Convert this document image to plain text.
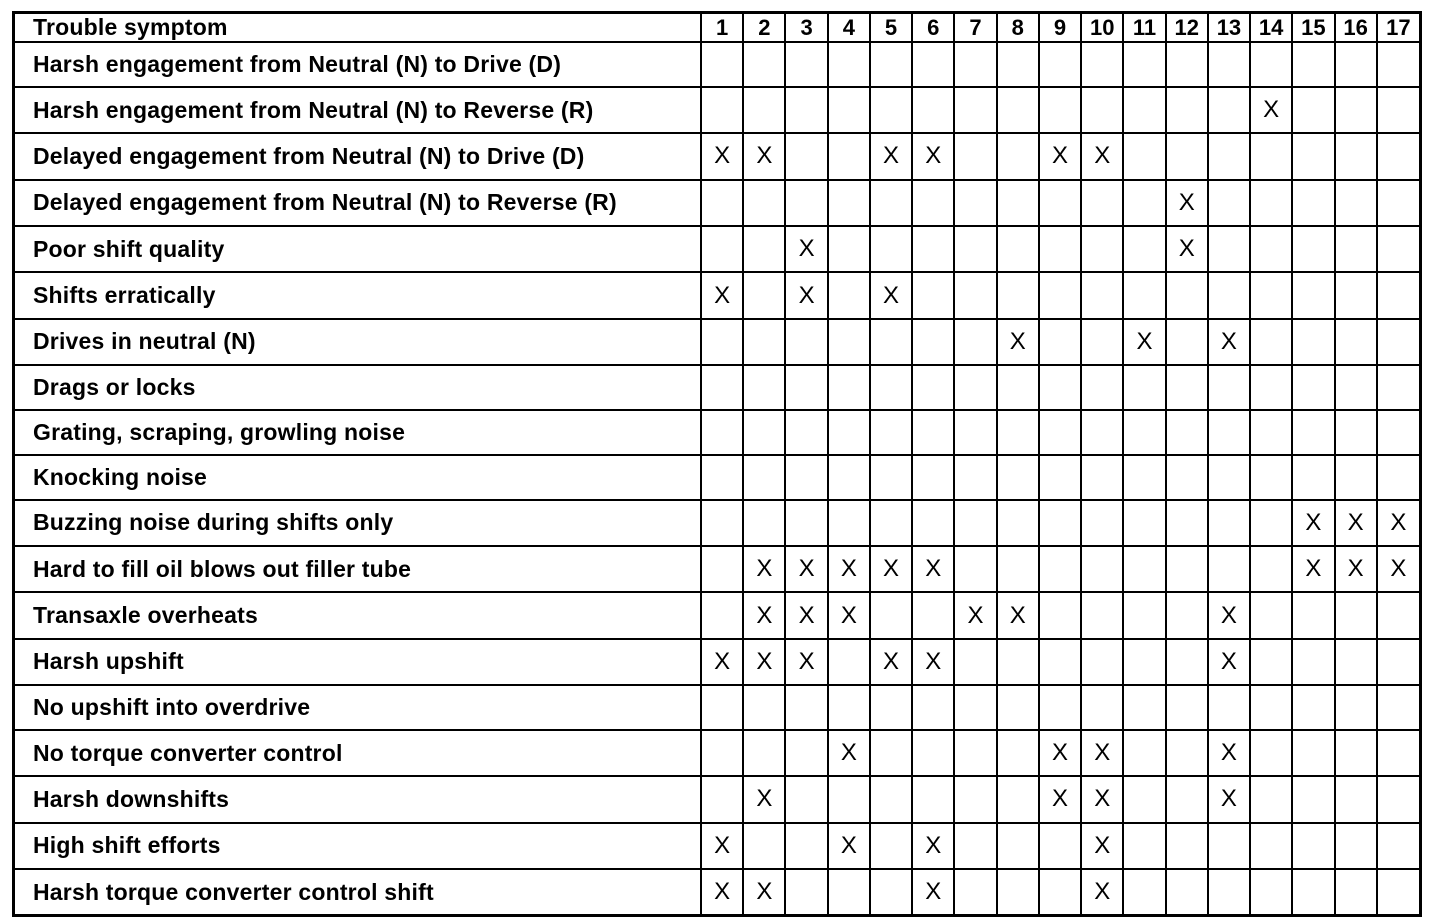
Trouble symptom	1	2	3	4	5	6	7	8	9	10	11	12	13	14	15	16	17
Harsh engagement from Neutral (N) to Drive (D)																	
Harsh engagement from Neutral (N) to Reverse (R)														X			
Delayed engagement from Neutral (N) to Drive (D)	X	X			X	X			X	X							
Delayed engagement from Neutral (N) to Reverse (R)												X					
Poor shift quality			X									X					
Shifts erratically	X		X		X												
Drives in neutral (N)								X			X		X				
Drags or locks																	
Grating, scraping, growling noise																	
Knocking noise																	
Buzzing noise during shifts only															X	X	X
Hard to fill oil blows out filler tube		X	X	X	X	X									X	X	X
Transaxle overheats		X	X	X			X	X					X				
Harsh upshift	X	X	X		X	X							X				
No upshift into overdrive																	
No torque converter control				X					X	X			X				
Harsh downshifts		X							X	X			X				
High shift efforts	X			X		X				X							
Harsh torque converter control shift	X	X				X				X							
